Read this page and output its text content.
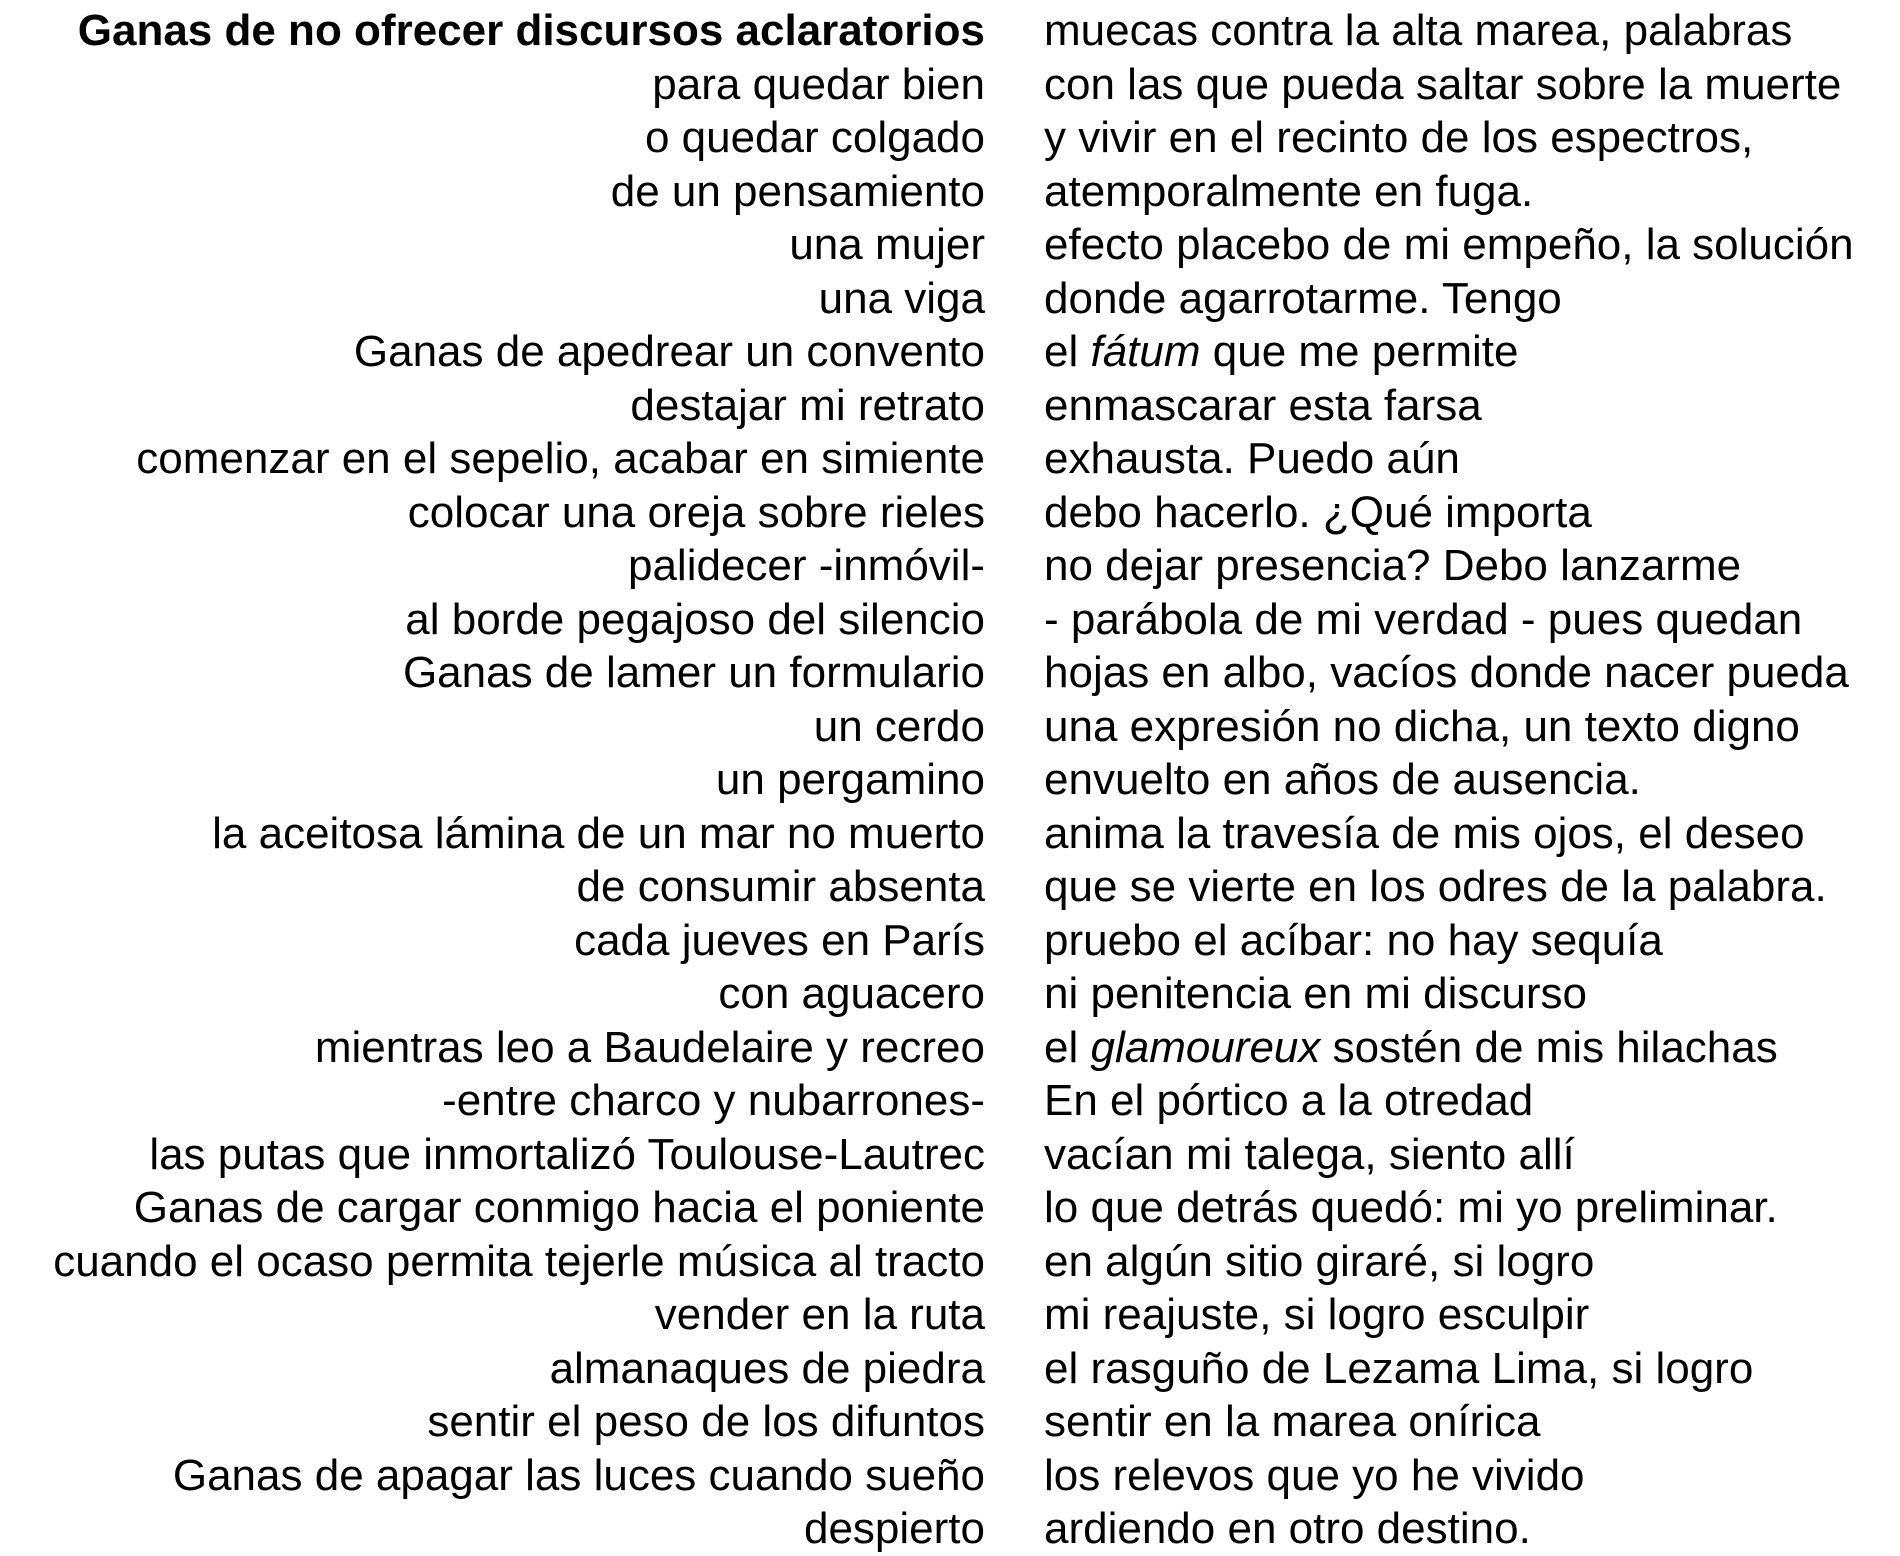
Ganas de no ofrecer discursos aclaratorios
para quedar bien
o quedar colgado
de un pensamiento
una mujer
una viga
Ganas de apedrear un convento
destajar mi retrato
comenzar en el sepelio, acabar en simiente
colocar una oreja sobre rieles
palidecer -inmóvil-
al borde pegajoso del silencio
Ganas de lamer un formulario
un cerdo
un pergamino
la aceitosa lámina de un mar no muerto
de consumir absenta
cada jueves en París
con aguacero
mientras leo a Baudelaire y recreo
-entre charco y nubarrones-
las putas que inmortalizó Toulouse-Lautrec
Ganas de cargar conmigo hacia el poniente
cuando el ocaso permita tejerle música al tracto
vender en la ruta
almanaques de piedra
sentir el peso de los difuntos
Ganas de apagar las luces cuando sueño
despierto
muecas contra la alta marea, palabras
con las que pueda saltar sobre la muerte
y vivir en el recinto de los espectros,
atemporalmente en fuga.
efecto placebo de mi empeño, la solución
donde agarrotarme. Tengo
el fátum que me permite
enmascarar esta farsa
exhausta. Puedo aún
debo hacerlo. ¿Qué importa
no dejar presencia? Debo lanzarme
- parábola de mi verdad - pues quedan
hojas en albo, vacíos donde nacer pueda
una expresión no dicha, un texto digno
envuelto en años de ausencia.
anima la travesía de mis ojos, el deseo
que se vierte en los odres de la palabra.
pruebo el acíbar: no hay sequía
ni penitencia en mi discurso
el glamoureux sostén de mis hilachas
En el pórtico a la otredad
vacían mi talega, siento allí
lo que detrás quedó: mi yo preliminar.
en algún sitio giraré, si logro
mi reajuste, si logro esculpir
el rasguño de Lezama Lima, si logro
sentir en la marea onírica
los relevos que yo he vivido
ardiendo en otro destino.
